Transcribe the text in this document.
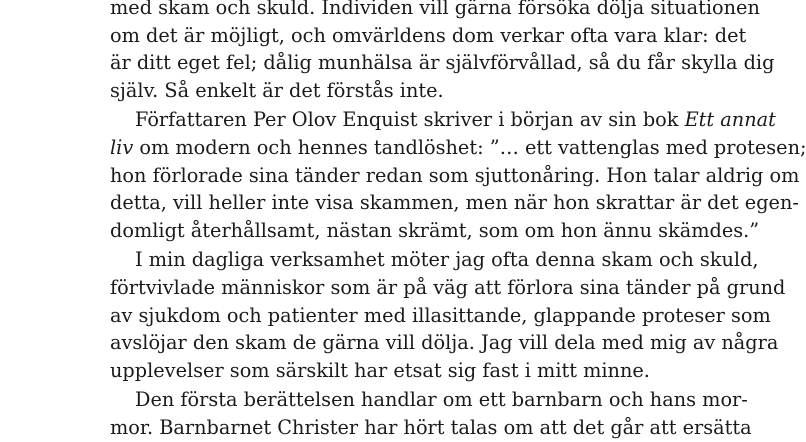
med skam och skuld. Individen vill gärna försöka dölja situationen
om det är möjligt, och omvärldens dom verkar ofta vara klar: det
är ditt eget fel; dålig munhälsa är självförvållad, så du får skylla dig
själv. Så enkelt är det förstås inte.
Författaren Per Olov Enquist skriver i början av sin bok Ett annat
liv om modern och hennes tandlöshet: ”… ett vattenglas med protesen;
hon förlorade sina tänder redan som sjuttonåring. Hon talar aldrig om
detta, vill heller inte visa skammen, men när hon skrattar är det egen-
domligt återhållsamt, nästan skrämt, som om hon ännu skämdes.”
I min dagliga verksamhet möter jag ofta denna skam och skuld,
förtvivlade människor som är på väg att förlora sina tänder på grund
av sjukdom och patienter med illasittande, glappande proteser som
avslöjar den skam de gärna vill dölja. Jag vill dela med mig av några
upplevelser som särskilt har etsat sig fast i mitt minne.
Den första berättelsen handlar om ett barnbarn och hans mor-
mor. Barnbarnet Christer har hört talas om att det går att ersätta
